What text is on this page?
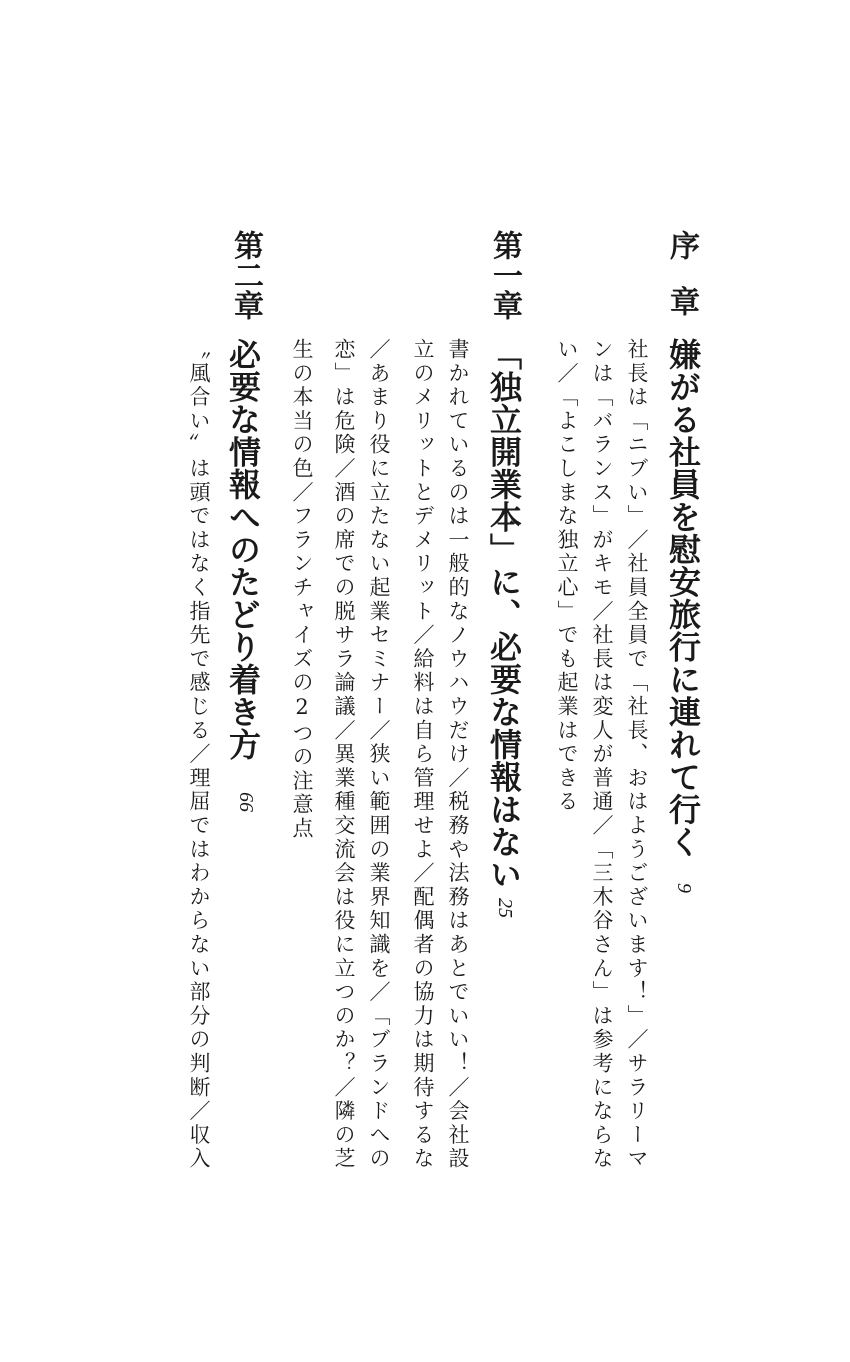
序章
嫌がる社員を慰安旅行に連れて行く
9
社長は「ニブい」／社員全員で「社長、おはようございます！」／サラリーマ
ンは「バランス」がキモ／社長は変人が普通／「三木谷さん」は参考にならな
い／「よこしまな独立心」でも起業はできる
第一章
「独立開業本」に、必要な情報はない
25
書かれているのは一般的なノウハウだけ／税務や法務はあとでいい！／会社設
立のメリットとデメリット／給料は自ら管理せよ／配偶者の協力は期待するな
／あまり役に立たない起業セミナー／狭い範囲の業界知識を／「ブランドへの
恋」は危険／酒の席での脱サラ論議／異業種交流会は役に立つのか？／隣の芝
生の本当の色／フランチャイズの2つの注意点
第二章
必要な情報へのたどり着き方
66
〝風合い〟は頭ではなく指先で感じる／理屈ではわからない部分の判断／収入
